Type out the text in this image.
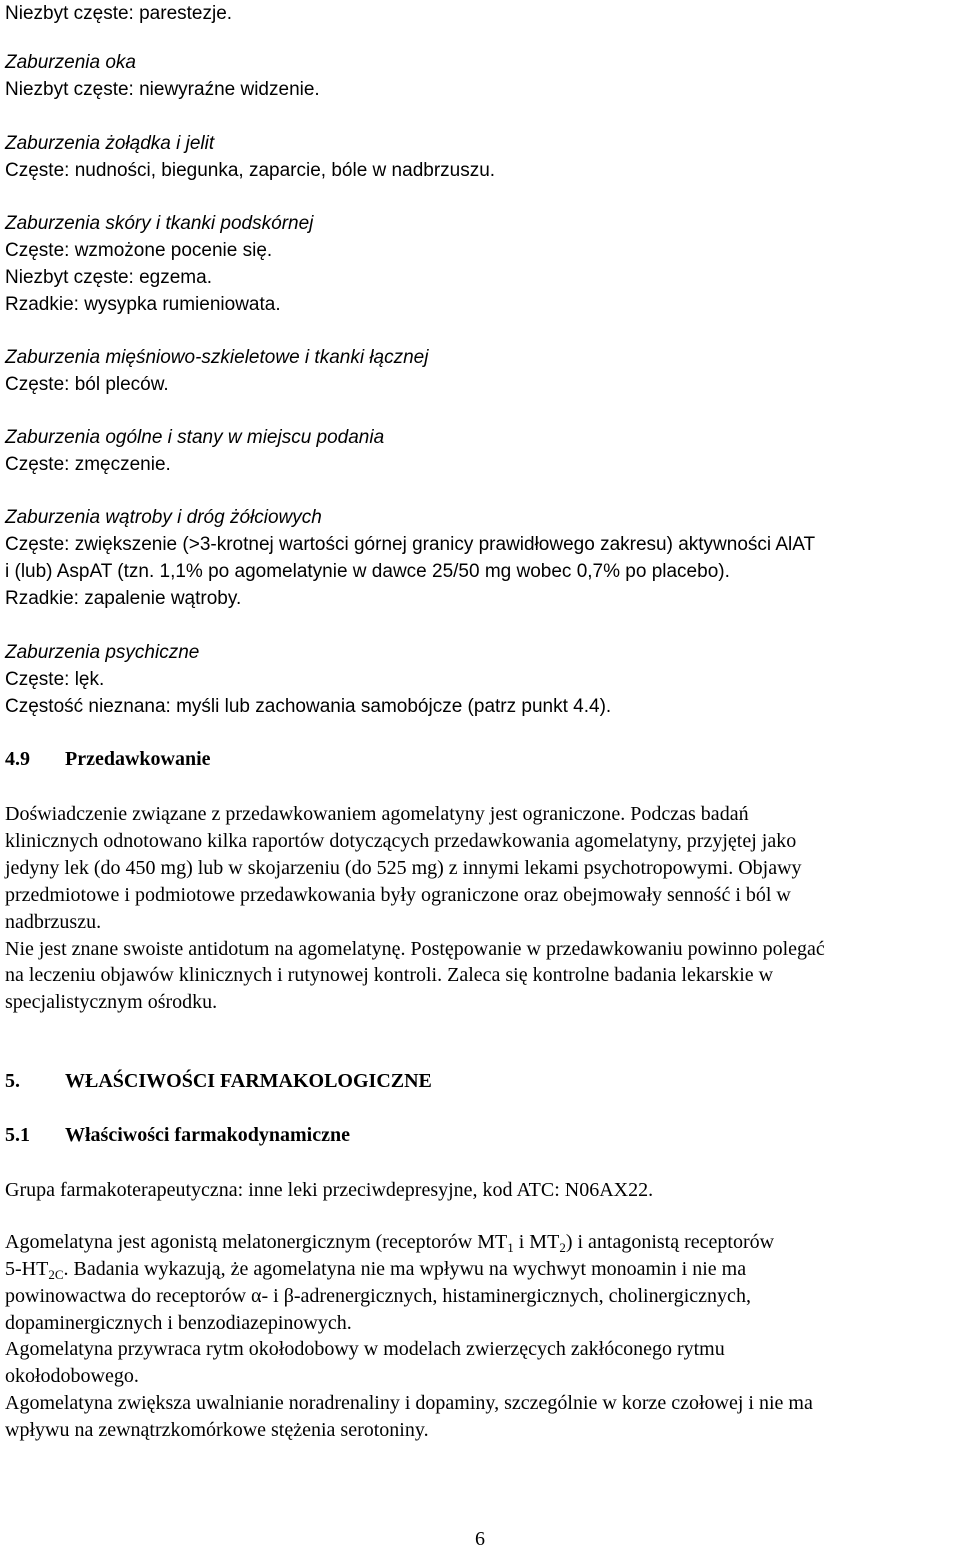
Niezbyt częste: parestezje.
Zaburzenia oka
Niezbyt częste: niewyraźne widzenie.
Zaburzenia żołądka i jelit
Częste: nudności, biegunka, zaparcie, bóle w nadbrzuszu.
Zaburzenia skóry i tkanki podskórnej
Częste: wzmożone pocenie się.
Niezbyt częste: egzema.
Rzadkie: wysypka rumieniowata.
Zaburzenia mięśniowo-szkieletowe i tkanki łącznej
Częste: ból pleców.
Zaburzenia ogólne i stany w miejscu podania
Częste: zmęczenie.
Zaburzenia wątroby i dróg żółciowych
Częste: zwiększenie (>3-krotnej wartości górnej granicy prawidłowego zakresu) aktywności AlAT
i (lub) AspAT (tzn. 1,1% po agomelatynie w dawce 25/50 mg wobec 0,7% po placebo).
Rzadkie: zapalenie wątroby.
Zaburzenia psychiczne
Częste: lęk.
Częstość nieznana: myśli lub zachowania samobójcze (patrz punkt 4.4).
4.9 Przedawkowanie
Doświadczenie związane z przedawkowaniem agomelatyny jest ograniczone. Podczas badań
klinicznych odnotowano kilka raportów dotyczących przedawkowania agomelatyny, przyjętej jako
jedyny lek (do 450 mg) lub w skojarzeniu (do 525 mg) z innymi lekami psychotropowymi. Objawy
przedmiotowe i podmiotowe przedawkowania były ograniczone oraz obejmowały senność i ból w
nadbrzuszu.
Nie jest znane swoiste antidotum na agomelatynę. Postępowanie w przedawkowaniu powinno polegać
na leczeniu objawów klinicznych i rutynowej kontroli. Zaleca się kontrolne badania lekarskie w
specjalistycznym ośrodku.
5. WŁAŚCIWOŚCI FARMAKOLOGICZNE
5.1 Właściwości farmakodynamiczne
Grupa farmakoterapeutyczna: inne leki przeciwdepresyjne, kod ATC: N06AX22.
Agomelatyna jest agonistą melatonergicznym (receptorów $MT_1$ i $MT_2$) i antagonistą receptorów
$5-HT_{2C}$. Badania wykazują, że agomelatyna nie ma wpływu na wychwyt monoamin i nie ma
powinowactwa do receptorów α- i β-adrenergicznych, histaminergicznych, cholinergicznych,
dopaminergicznych i benzodiazepinowych.
Agomelatyna przywraca rytm okołodobowy w modelach zwierzęcych zakłóconego rytmu
okołodobowego.
Agomelatyna zwiększa uwalnianie noradrenaliny i dopaminy, szczególnie w korze czołowej i nie ma
wpływu na zewnątrzkomórkowe stężenia serotoniny.
6
